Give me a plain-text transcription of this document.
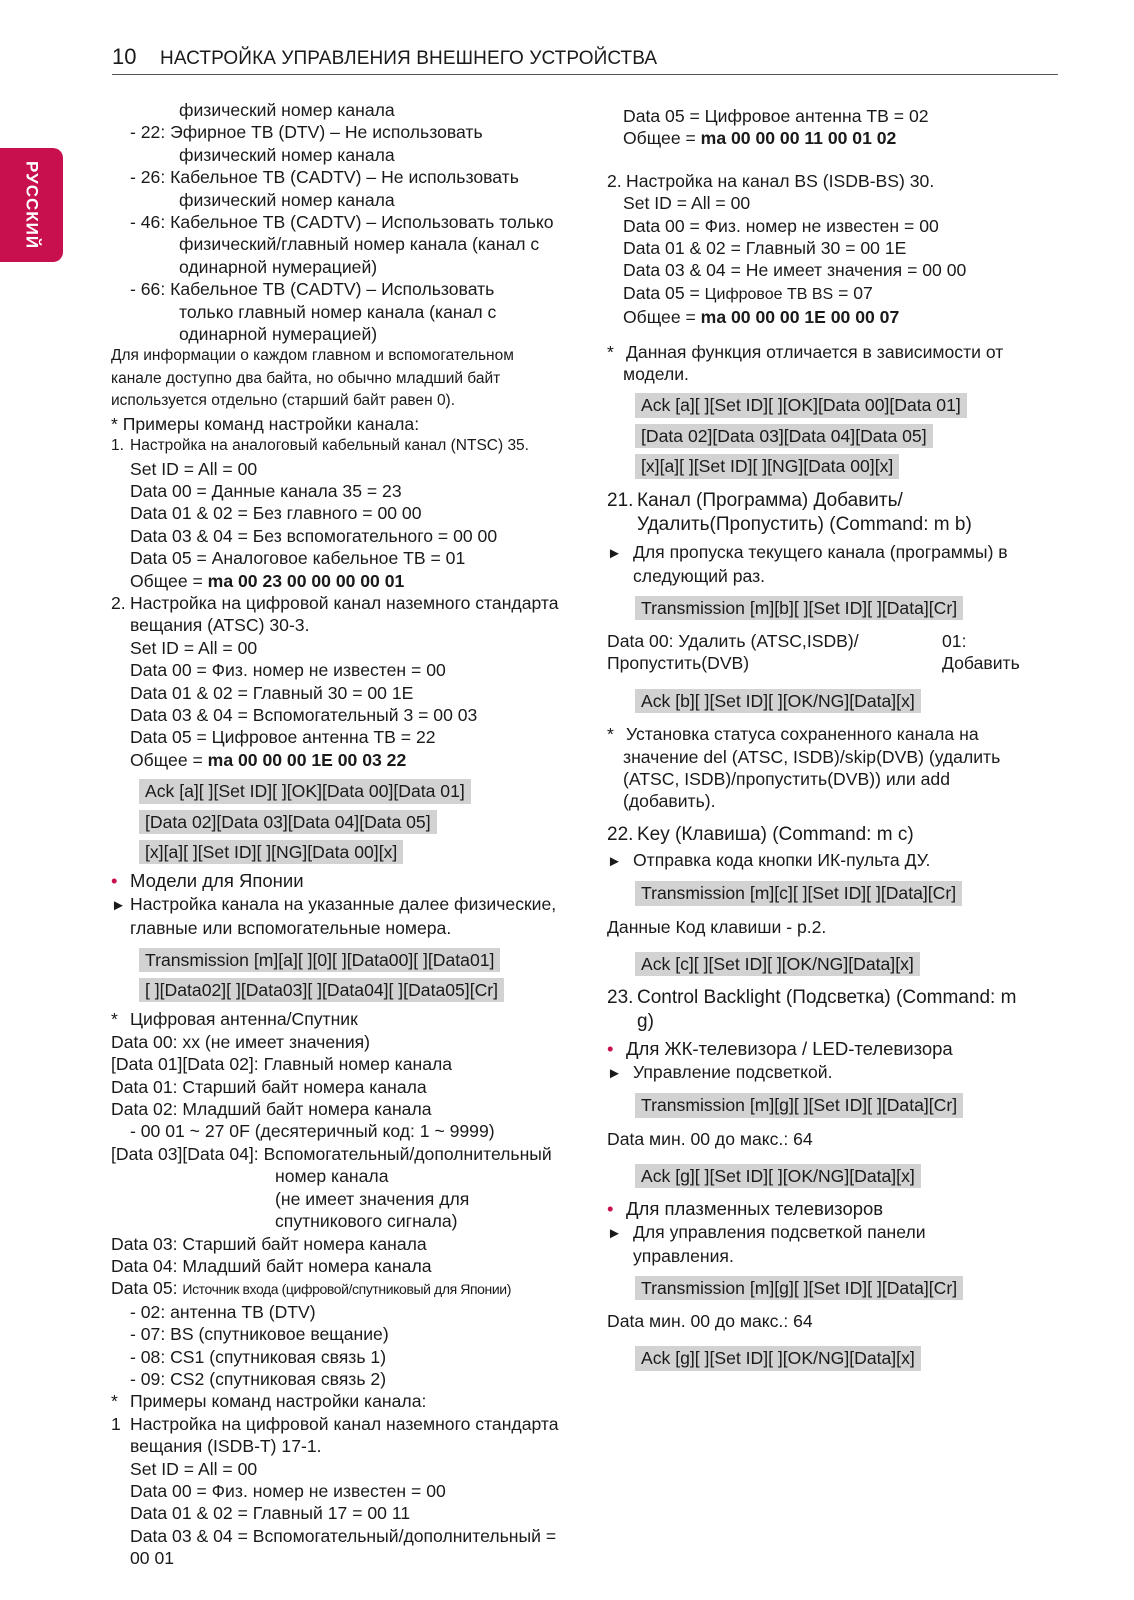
10 НАСТРОЙКА УПРАВЛЕНИЯ ВНЕШНЕГО УСТРОЙСТВА
РУССКИЙ
физический номер канала
- 22: Эфирное ТВ (DTV) – Не использовать
физический номер канала
- 26: Кабельное ТВ (CADTV) – Не использовать
физический номер канала
- 46: Кабельное ТВ (CADTV) – Использовать только
физический/главный номер канала (канал с
одинарной нумерацией)
- 66: Кабельное ТВ (CADTV) – Использовать
только главный номер канала (канал с
одинарной нумерацией)
Для информации о каждом главном и вспомогательном
канале доступно два байта, но обычно младший байт
используется отдельно (старший байт равен 0).
* Примеры команд настройки канала:
1. Настройка на аналоговый кабельный канал (NTSC) 35.
Set ID = All = 00
Data 00 = Данные канала 35 = 23
Data 01 & 02 = Без главного = 00 00
Data 03 & 04 = Без вспомогательного = 00 00
Data 05 = Аналоговое кабельное ТВ = 01
Общее = ma 00 23 00 00 00 00 01
2. Настройка на цифровой канал наземного стандарта
вещания (ATSC) 30-3.
Set ID = All = 00
Data 00 = Физ. номер не известен = 00
Data 01 & 02 = Главный 30 = 00 1E
Data 03 & 04 = Вспомогательный 3 = 00 03
Data 05 = Цифровое антенна ТВ = 22
Общее = ma 00 00 00 1E 00 03 22
Ack [a][ ][Set ID][ ][OK][Data 00][Data 01]
[Data 02][Data 03][Data 04][Data 05]
[x][a][ ][Set ID][ ][NG][Data 00][x]
• Модели для Японии
► Настройка канала на указанные далее физические,
главные или вспомогательные номера.
Transmission [m][a][ ][0][ ][Data00][ ][Data01]
[ ][Data02][ ][Data03][ ][Data04][ ][Data05][Cr]
* Цифровая антенна/Спутник
Data 00: xx (не имеет значения)
[Data 01][Data 02]: Главный номер канала
Data 01: Старший байт номера канала
Data 02: Младший байт номера канала
- 00 01 ~ 27 0F (десятеричный код: 1 ~ 9999)
[Data 03][Data 04]: Вспомогательный/дополнительный
номер канала
(не имеет значения для
спутникового сигнала)
Data 03: Старший байт номера канала
Data 04: Младший байт номера канала
Data 05: Источник входа (цифровой/спутниковый для Японии)
- 02: антенна ТВ (DTV)
- 07: BS (спутниковое вещание)
- 08: CS1 (спутниковая связь 1)
- 09: CS2 (спутниковая связь 2)
* Примеры команд настройки канала:
1 Настройка на цифровой канал наземного стандарта
вещания (ISDB-T) 17-1.
Set ID = All = 00
Data 00 = Физ. номер не известен = 00
Data 01 & 02 = Главный 17 = 00 11
Data 03 & 04 = Вспомогательный/дополнительный =
00 01
Data 05 = Цифровое антенна ТВ = 02
Общее = ma 00 00 00 11 00 01 02
2. Настройка на канал BS (ISDB-BS) 30.
Set ID = All = 00
Data 00 = Физ. номер не известен = 00
Data 01 & 02 = Главный 30 = 00 1E
Data 03 & 04 = Не имеет значения = 00 00
Data 05 = Цифровое ТВ BS = 07
Общее = ma 00 00 00 1E 00 00 07
* Данная функция отличается в зависимости от
модели.
Ack [a][ ][Set ID][ ][OK][Data 00][Data 01]
[Data 02][Data 03][Data 04][Data 05]
[x][a][ ][Set ID][ ][NG][Data 00][x]
21. Канал (Программа) Добавить/
Удалить(Пропустить) (Command: m b)
► Для пропуска текущего канала (программы) в
следующий раз.
Transmission [m][b][ ][Set ID][ ][Data][Cr]
Data 00: Удалить (ATSC,ISDB)/
Пропустить(DVB)
01:
Добавить
Ack [b][ ][Set ID][ ][OK/NG][Data][x]
* Установка статуса сохраненного канала на
значение del (ATSC, ISDB)/skip(DVB) (удалить
(ATSC, ISDB)/пропустить(DVB)) или add
(добавить).
22. Key (Клавиша) (Command: m c)
► Отправка кода кнопки ИК-пульта ДУ.
Transmission [m][c][ ][Set ID][ ][Data][Cr]
Данные Код клавиши - p.2.
Ack [c][ ][Set ID][ ][OK/NG][Data][x]
23. Control Backlight (Подсветка) (Command: m
g)
• Для ЖК-телевизора / LED-телевизора
► Управление подсветкой.
Transmission [m][g][ ][Set ID][ ][Data][Cr]
Data мин. 00 до макс.: 64
Ack [g][ ][Set ID][ ][OK/NG][Data][x]
• Для плазменных телевизоров
► Для управления подсветкой панели
управления.
Transmission [m][g][ ][Set ID][ ][Data][Cr]
Data мин. 00 до макс.: 64
Ack [g][ ][Set ID][ ][OK/NG][Data][x]
